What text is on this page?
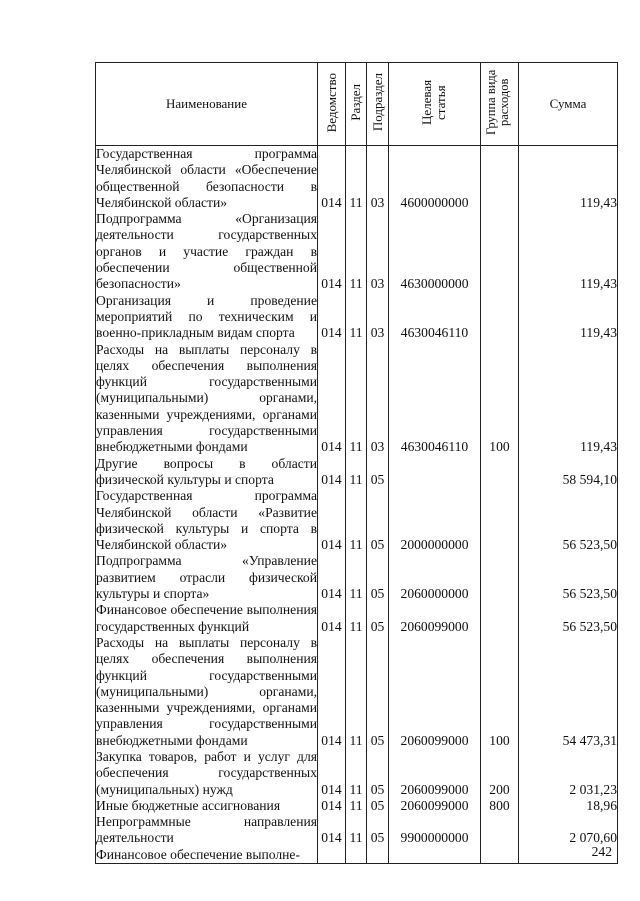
Наименование	Ведомство	Раздел	Подраздел	Целевая статья	Группа вида расходов	Сумма
Государственная программа Челябинской области «Обеспечение общественной безопасности в Челябинской области»	014	11	03	4600000000		119,43
Подпрограмма «Организация деятельности государственных органов и участие граждан в обеспечении общественной безопасности»	014	11	03	4630000000		119,43
Организация и проведение мероприятий по техническим и военно-прикладным видам спорта	014	11	03	4630046110		119,43
Расходы на выплаты персоналу в целях обеспечения выполнения функций государственными (муниципальными) органами, казенными учреждениями, органами управления государственными внебюджетными фондами	014	11	03	4630046110	100	119,43
Другие вопросы в области физической культуры и спорта	014	11	05			58 594,10
Государственная программа Челябинской области «Развитие физической культуры и спорта в Челябинской области»	014	11	05	2000000000		56 523,50
Подпрограмма «Управление развитием отрасли физической культуры и спорта»	014	11	05	2060000000		56 523,50
Финансовое обеспечение выполнения государственных функций	014	11	05	2060099000		56 523,50
Расходы на выплаты персоналу в целях обеспечения выполнения функций государственными (муниципальными) органами, казенными учреждениями, органами управления государственными внебюджетными фондами	014	11	05	2060099000	100	54 473,31
Закупка товаров, работ и услуг для обеспечения государственных (муниципальных) нужд	014	11	05	2060099000	200	2 031,23
Иные бюджетные ассигнования	014	11	05	2060099000	800	18,96
Непрограммные направления деятельности	014	11	05	9900000000		2 070,60
Финансовое обеспечение выполне-							242
